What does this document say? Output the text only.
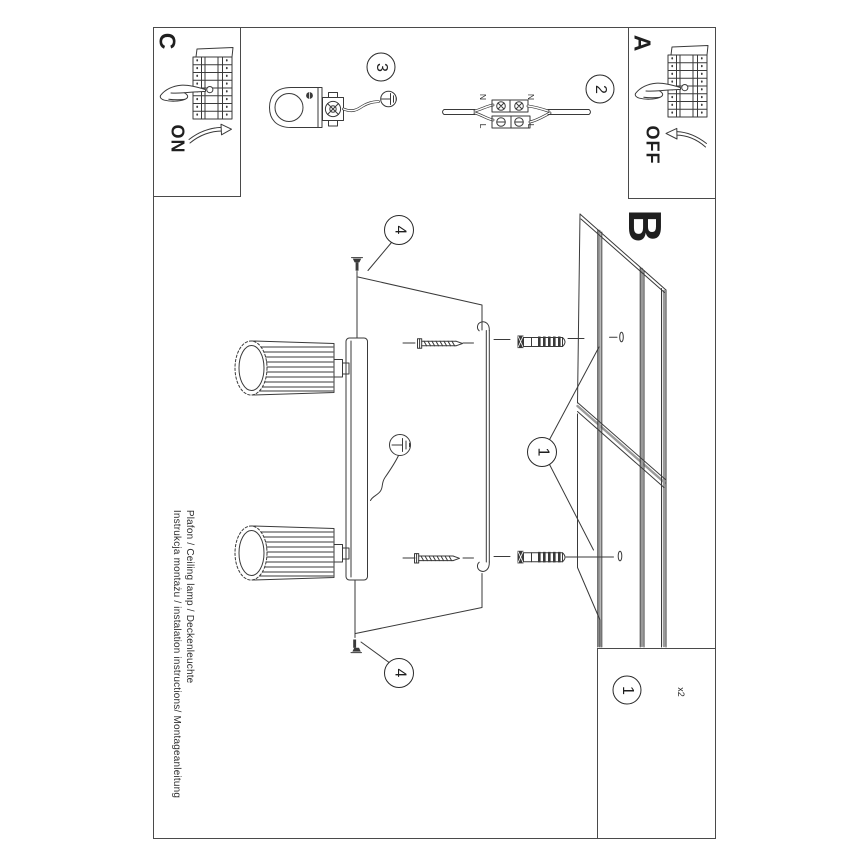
C
ON
A
OFF
B
N	N
L	L
3
2
1
4
4
1	x2
Plafon / Ceiling lamp / Deckenleuchte
Instrukcja montażu / instalation instructions/ Montageanleitung
